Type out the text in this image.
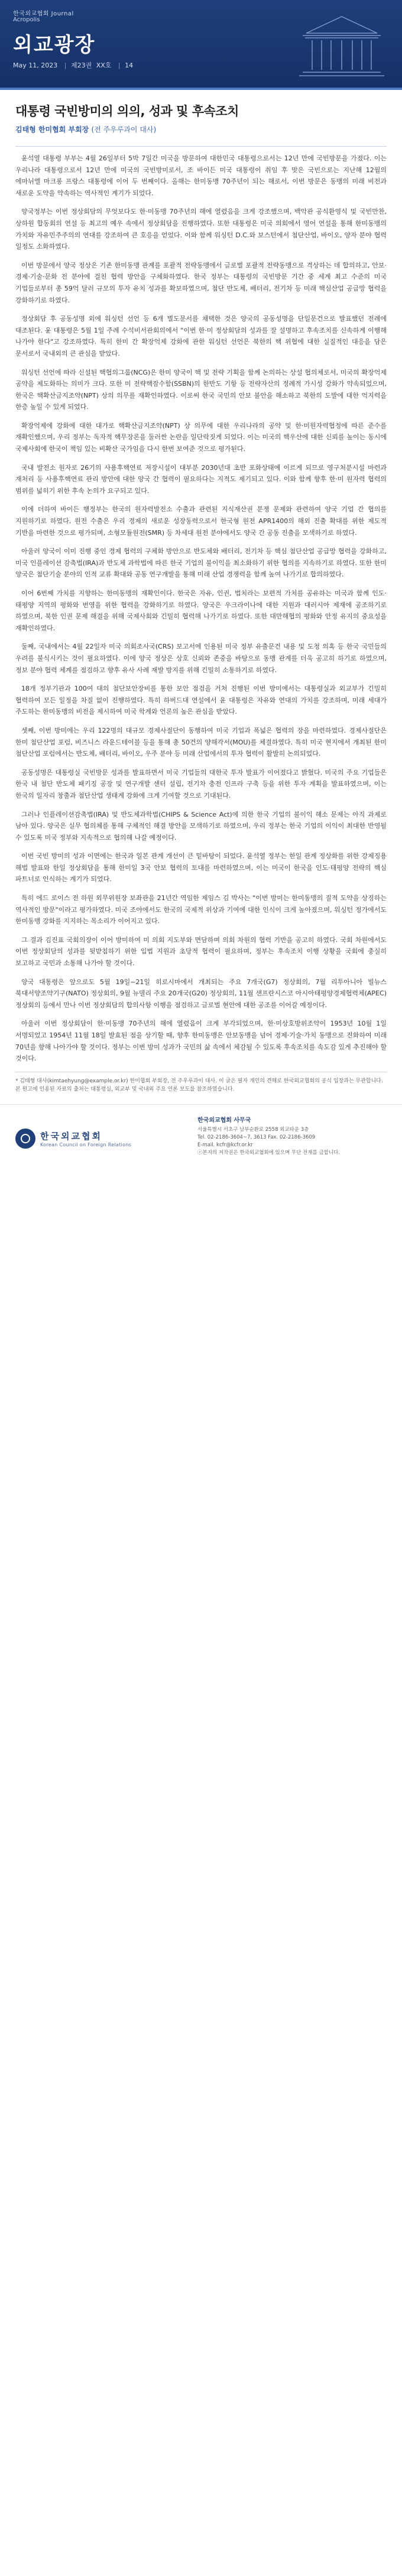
한국외교협회 Journal
Acropolis
외교광장
May 11, 2023 | 제23권 XX호 | 14
대통령 국빈방미의 의의, 성과 및 후속조치
김태형 한미협회 부회장 (전 주우루과이 대사)

윤석열 대통령 부부는 4월 26일부터 5박 7일간 미국을 방문하여 대한민국 대통령으로서는 12년 만에 국빈방문을 가졌다. 이는 우리나라 대통령으로서 12년 만에 미국의 국빈방미로서, 조 바이든 미국 대통령이 취임 후 맞은 국빈으로는 지난해 12월의 에마뉘엘 마크롱 프랑스 대통령에 이어 두 번째이다. 올해는 한미동맹 70주년이 되는 해로서, 이번 방문은 동맹의 미래 비전과 새로운 도약을 약속하는 역사적인 계기가 되었다.

양국정부는 이번 정상회담의 무엇보다도 한·미동맹 70주년의 해에 열렸음을 크게 강조했으며, 백악관 공식환영식 및 국빈만찬, 상하원 합동회의 연설 등 최고의 예우 속에서 정상회담을 진행하였다. 또한 대통령은 미국 의회에서 영어 연설을 통해 한미동맹의 가치와 자유민주주의의 연대를 강조하여 큰 호응을 얻었다. 이와 함께 워싱턴 D.C.와 보스턴에서 첨단산업, 바이오, 양자 분야 협력 일정도 소화하였다.

이번 방문에서 양국 정상은 기존 한미동맹 관계를 포괄적 전략동맹에서 글로벌 포괄적 전략동맹으로 격상하는 데 합의하고, 안보·경제·기술·문화 전 분야에 걸친 협력 방안을 구체화하였다. 한국 정부는 대통령의 국빈방문 기간 중 세계 최고 수준의 미국 기업들로부터 총 59억 달러 규모의 투자 유치 성과를 확보하였으며, 첨단 반도체, 배터리, 전기차 등 미래 핵심산업 공급망 협력을 강화하기로 하였다.

정상회담 후 공동성명 외에 워싱턴 선언 등 6개 별도문서를 채택한 것은 양국의 공동성명을 단일문건으로 발표했던 전례에 대조된다. 윤 대통령은 5월 1일 주례 수석비서관회의에서 "이번 한·미 정상회담의 성과를 잘 설명하고 후속조치를 신속하게 이행해 나가야 한다"고 강조하였다. 특히 한미 간 확장억제 강화에 관한 워싱턴 선언은 북한의 핵 위협에 대한 실질적인 대응을 담은 문서로서 국내외의 큰 관심을 받았다.

워싱턴 선언에 따라 신설된 핵협의그룹(NCG)은 한미 양국이 핵 및 전략 기획을 함께 논의하는 상설 협의체로서, 미국의 확장억제 공약을 제도화하는 의미가 크다. 또한 미 전략핵잠수함(SSBN)의 한반도 기항 등 전략자산의 정례적 가시성 강화가 약속되었으며, 한국은 핵확산금지조약(NPT) 상의 의무를 재확인하였다. 이로써 한국 국민의 안보 불안을 해소하고 북한의 도발에 대한 억지력을 한층 높일 수 있게 되었다.

확장억제에 강화에 대한 대가로 핵확산금지조약(NPT) 상 의무에 대한 우리나라의 공약 및 한·미원자력협정에 따른 준수를 재확인했으며, 우리 정부는 독자적 핵무장론을 둘러싼 논란을 일단락짓게 되었다. 이는 미국의 핵우산에 대한 신뢰를 높이는 동시에 국제사회에 한국이 책임 있는 비확산 국가임을 다시 한번 보여준 것으로 평가된다.

국내 발전소 원자로 26기의 사용후핵연료 저장시설이 대부분 2030년대 초반 포화상태에 이르게 되므로 영구처분시설 마련과 재처리 등 사용후핵연료 관리 방안에 대한 양국 간 협력이 필요하다는 지적도 제기되고 있다. 이와 함께 향후 한·미 원자력 협력의 범위를 넓히기 위한 후속 논의가 요구되고 있다.

이에 더하여 바이든 행정부는 한국의 원자력발전소 수출과 관련된 지식재산권 분쟁 문제와 관련하여 양국 기업 간 협의를 지원하기로 하였다. 원전 수출은 우리 경제의 새로운 성장동력으로서 한국형 원전 APR1400의 해외 진출 확대를 위한 제도적 기반을 마련한 것으로 평가되며, 소형모듈원전(SMR) 등 차세대 원전 분야에서도 양국 간 공동 진출을 모색하기로 하였다.

아울러 양국이 이미 진행 중인 경제 협력의 구체화 방안으로 반도체와 배터리, 전기차 등 핵심 첨단산업 공급망 협력을 강화하고, 미국 인플레이션 감축법(IRA)과 반도체 과학법에 따른 한국 기업의 불이익을 최소화하기 위한 협의를 지속하기로 하였다. 또한 한미 양국은 첨단기술 분야의 인적 교류 확대와 공동 연구개발을 통해 미래 산업 경쟁력을 함께 높여 나가기로 합의하였다.

이어 6번째 가치를 지향하는 한미동맹의 재확인이다. 한국은 자유, 인권, 법치라는 보편적 가치를 공유하는 미국과 함께 인도·태평양 지역의 평화와 번영을 위한 협력을 강화하기로 하였다. 양국은 우크라이나에 대한 지원과 대러시아 제재에 공조하기로 하였으며, 북한 인권 문제 해결을 위해 국제사회와 긴밀히 협력해 나가기로 하였다. 또한 대만해협의 평화와 안정 유지의 중요성을 재확인하였다.

둘째, 국내에서는 4월 22일자 미국 의회조사국(CRS) 보고서에 인용된 미국 정부 유출문건 내용 및 도청 의혹 등 한국 국민들의 우려를 불식시키는 것이 필요하였다. 이에 양국 정상은 상호 신뢰와 존중을 바탕으로 동맹 관계를 더욱 공고히 하기로 하였으며, 정보 분야 협력 체계를 점검하고 향후 유사 사례 재발 방지를 위해 긴밀히 소통하기로 하였다.

18개 정부기관과 100여 대의 첨단보안장비를 통한 보안 점검을 거쳐 진행된 이번 방미에서는 대통령실과 외교부가 긴밀히 협력하여 모든 일정을 차질 없이 진행하였다. 특히 하버드대 연설에서 윤 대통령은 자유와 연대의 가치를 강조하며, 미래 세대가 주도하는 한미동맹의 비전을 제시하여 미국 학계와 언론의 높은 관심을 받았다.

셋째, 이번 방미에는 우리 122명의 대규모 경제사절단이 동행하여 미국 기업과 폭넓은 협력의 장을 마련하였다. 경제사절단은 한미 첨단산업 포럼, 비즈니스 라운드테이블 등을 통해 총 50건의 양해각서(MOU)를 체결하였다. 특히 미국 현지에서 개최된 한미 첨단산업 포럼에서는 반도체, 배터리, 바이오, 우주 분야 등 미래 산업에서의 투자 협력이 활발히 논의되었다.

공동성명은 대통령실 국빈방문 성과를 발표하면서 미국 기업들의 대한국 투자 발표가 이어졌다고 밝혔다. 미국의 주요 기업들은 한국 내 첨단 반도체 패키징 공장 및 연구개발 센터 설립, 전기차 충전 인프라 구축 등을 위한 투자 계획을 발표하였으며, 이는 한국의 일자리 창출과 첨단산업 생태계 강화에 크게 기여할 것으로 기대된다.

그러나 인플레이션감축법(IRA) 및 반도체과학법(CHIPS & Science Act)에 의한 한국 기업의 불이익 해소 문제는 아직 과제로 남아 있다. 양국은 실무 협의체를 통해 구체적인 해결 방안을 모색하기로 하였으며, 우리 정부는 한국 기업의 이익이 최대한 반영될 수 있도록 미국 정부와 지속적으로 협의해 나갈 예정이다.

이번 국빈 방미의 성과 이면에는 한국과 일본 관계 개선이 큰 밑바탕이 되었다. 윤석열 정부는 한일 관계 정상화를 위한 강제징용 해법 발표와 한일 정상회담을 통해 한미일 3국 안보 협력의 토대를 마련하였으며, 이는 미국이 한국을 인도·태평양 전략의 핵심 파트너로 인식하는 계기가 되었다.

특히 에드 로이스 전 하원 외무위원장 보좌관을 21년간 역임한 제임스 김 박사는 "이번 방미는 한미동맹의 질적 도약을 상징하는 역사적인 방문"이라고 평가하였다. 미국 조야에서도 한국의 국제적 위상과 기여에 대한 인식이 크게 높아졌으며, 워싱턴 정가에서도 한미동맹 강화를 지지하는 목소리가 이어지고 있다.

그 결과 김진표 국회의장이 이어 방미하여 미 의회 지도부와 면담하며 의회 차원의 협력 기반을 공고히 하였다. 국회 차원에서도 이번 정상회담의 성과를 뒷받침하기 위한 입법 지원과 초당적 협력이 필요하며, 정부는 후속조치 이행 상황을 국회에 충실히 보고하고 국민과 소통해 나가야 할 것이다.

양국 대통령은 앞으로도 5월 19일~21일 히로시마에서 개최되는 주요 7개국(G7) 정상회의, 7월 리투아니아 빌뉴스 북대서양조약기구(NATO) 정상회의, 9월 뉴델리 주요 20개국(G20) 정상회의, 11월 샌프란시스코 아시아태평양경제협력체(APEC) 정상회의 등에서 만나 이번 정상회담의 합의사항 이행을 점검하고 글로벌 현안에 대한 공조를 이어갈 예정이다.

아울러 이번 정상회담이 한·미동맹 70주년의 해에 열렸음이 크게 부각되었으며, 한·미상호방위조약이 1953년 10월 1일 서명되었고 1954년 11월 18일 발효된 점을 상기할 때, 향후 한미동맹은 안보동맹을 넘어 경제·기술·가치 동맹으로 진화하여 미래 70년을 향해 나아가야 할 것이다. 정부는 이번 방미 성과가 국민의 삶 속에서 체감될 수 있도록 후속조치를 속도감 있게 추진해야 할 것이다.

* 김태형 대사(kimtaehyung@example.or.kr) 한미협회 부회장, 전 주우루과이 대사. 이 글은 필자 개인의 견해로 한국외교협회의 공식 입장과는 무관합니다. 본 원고에 인용된 자료의 출처는 대통령실, 외교부 및 국내외 주요 언론 보도를 참조하였습니다.
한국외교협회
Korean Council on Foreign Relations
한국외교협회 사무국
서울특별시 서초구 남부순환로 2558 외교타운 3층
Tel. 02-2186-3604~7, 3613 Fax. 02-2186-3609
E-mail. kcfr@kcfr.or.kr
ⓒ본지의 저작권은 한국외교협회에 있으며 무단 전재를 금합니다.
